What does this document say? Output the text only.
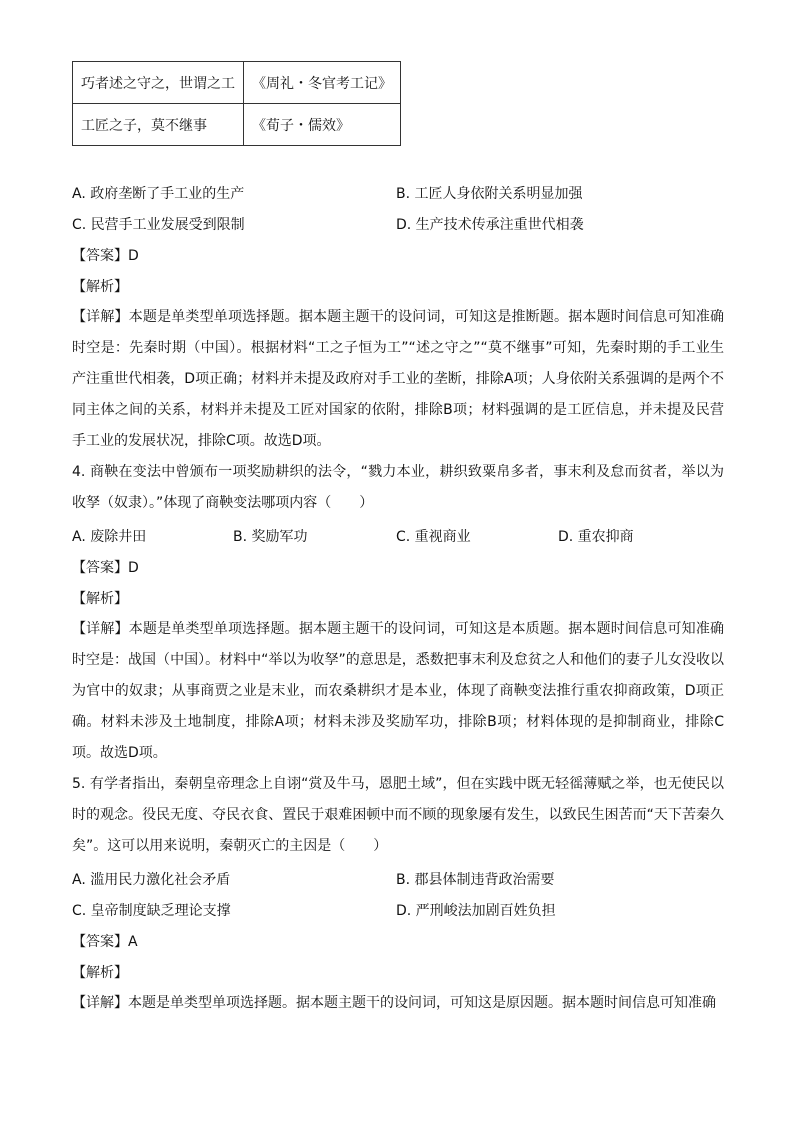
巧者述之守之，世谓之工	《周礼・冬官考工记》
工匠之子，莫不继事	《荀子・儒效》
A. 政府垄断了手工业的生产	B. 工匠人身依附关系明显加强
C. 民营手工业发展受到限制	D. 生产技术传承注重世代相袭
【答案】D
【解析】

【详解】本题是单类型单项选择题。据本题主题干的设问词，可知这是推断题。据本题时间信息可知准确时空是：先秦时期（中国）。根据材料“工之子恒为工”“述之守之”“莫不继事”可知，先秦时期的手工业生产注重世代相袭，D项正确；材料并未提及政府对手工业的垄断，排除A项；人身依附关系强调的是两个不同主体之间的关系，材料并未提及工匠对国家的依附，排除B项；材料强调的是工匠信息，并未提及民营手工业的发展状况，排除C项。故选D项。

4. 商鞅在变法中曾颁布一项奖励耕织的法令，“戮力本业，耕织致粟帛多者，事末利及怠而贫者，举以为收孥（奴隶）。”体现了商鞅变法哪项内容（　　）

A. 废除井田	B. 奖励军功	C. 重视商业	D. 重农抑商
【答案】D
【解析】

【详解】本题是单类型单项选择题。据本题主题干的设问词，可知这是本质题。据本题时间信息可知准确时空是：战国（中国）。材料中“举以为收孥”的意思是，悉数把事末利及怠贫之人和他们的妻子儿女没收以为官中的奴隶；从事商贾之业是末业，而农桑耕织才是本业，体现了商鞅变法推行重农抑商政策，D项正确。材料未涉及土地制度，排除A项；材料未涉及奖励军功，排除B项；材料体现的是抑制商业，排除C项。故选D项。

5. 有学者指出，秦朝皇帝理念上自诩“赏及牛马，恩肥土域”，但在实践中既无轻徭薄赋之举，也无使民以时的观念。役民无度、夺民衣食、置民于艰难困顿中而不顾的现象屡有发生，以致民生困苦而“天下苦秦久矣”。这可以用来说明，秦朝灭亡的主因是（　　）

A. 滥用民力激化社会矛盾	B. 郡县体制违背政治需要
C. 皇帝制度缺乏理论支撑	D. 严刑峻法加剧百姓负担
【答案】A
【解析】

【详解】本题是单类型单项选择题。据本题主题干的设问词，可知这是原因题。据本题时间信息可知准确
